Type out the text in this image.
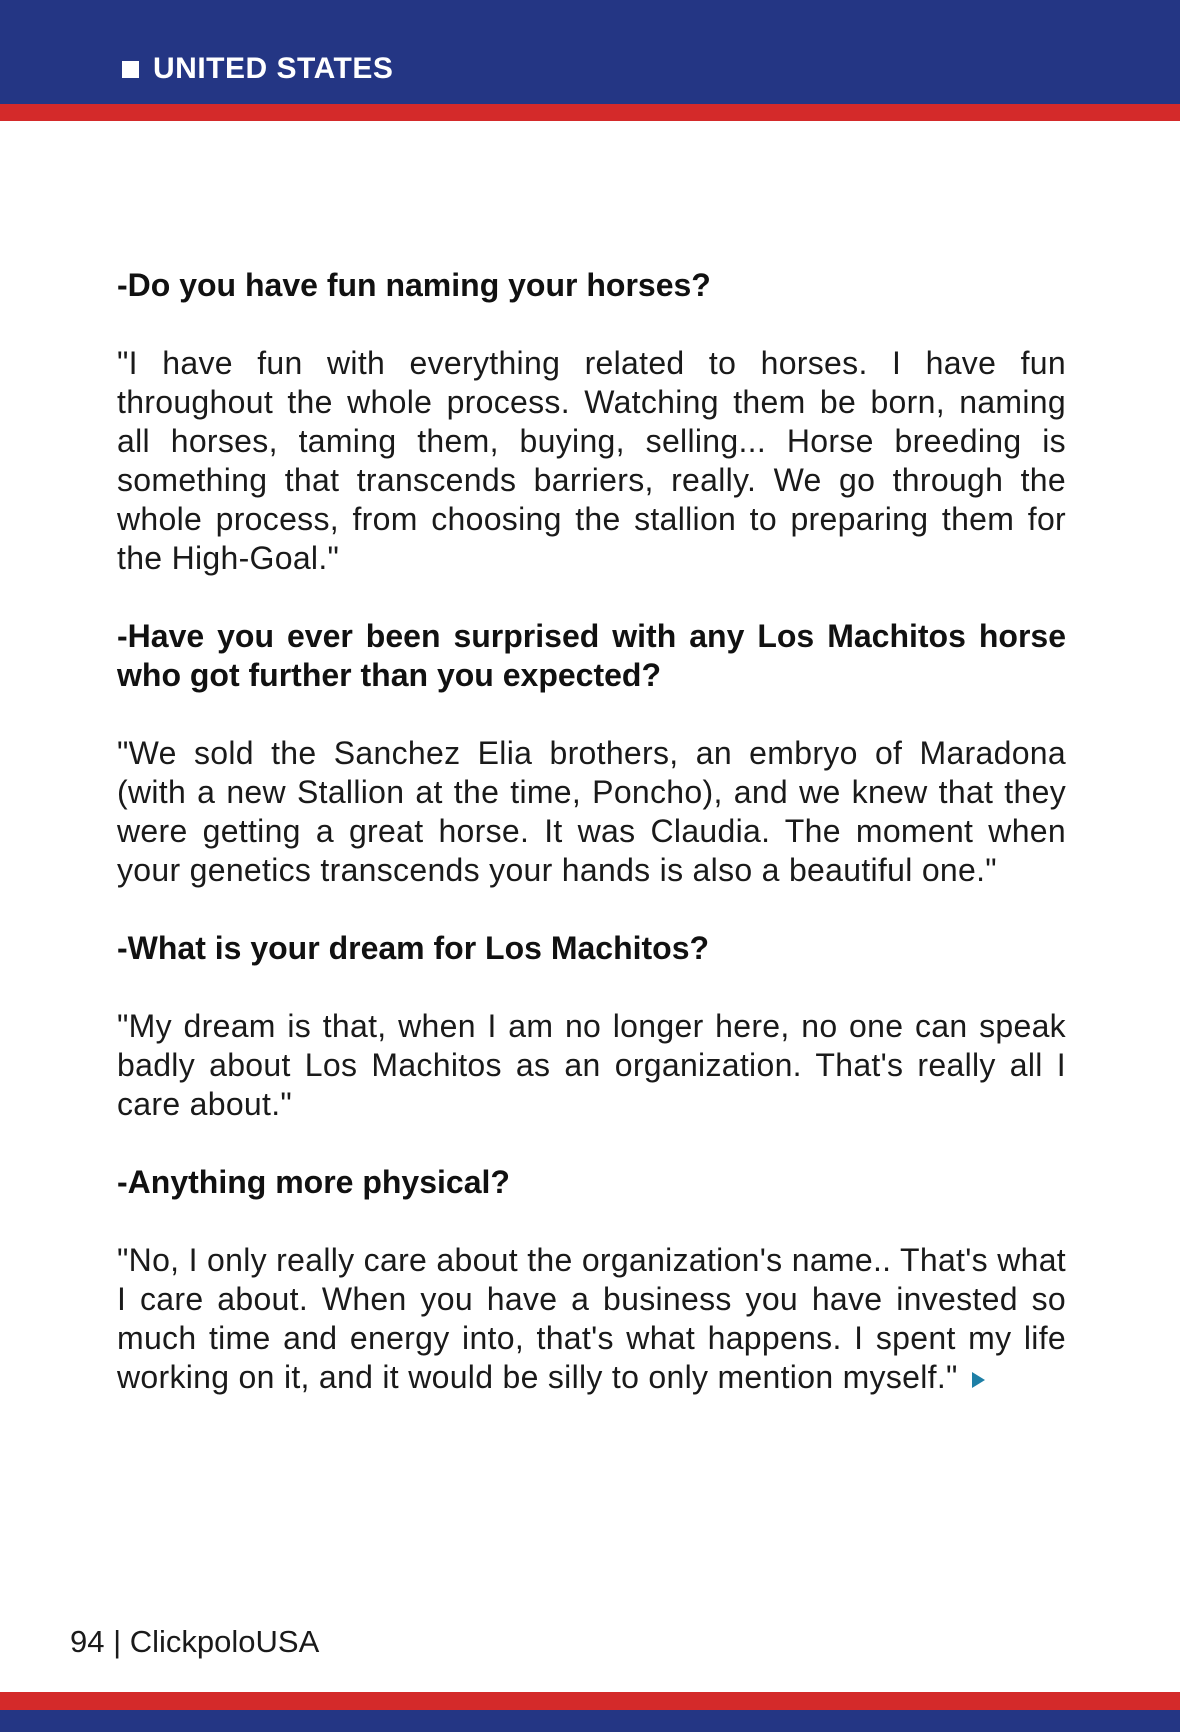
UNITED STATES

-Do you have fun naming your horses?

"I have fun with everything related to horses. I have fun throughout the whole process. Watching them be born, naming all horses, taming them, buying, selling... Horse breeding is something that transcends barriers, really. We go through the whole process, from choosing the stallion to preparing them for the High-Goal."

-Have you ever been surprised with any Los Machitos horse who got further than you expected?

"We sold the Sanchez Elia brothers, an embryo of Maradona (with a new Stallion at the time, Poncho), and we knew that they were getting a great horse. It was Claudia. The moment when your genetics transcends your hands is also a beautiful one."

-What is your dream for Los Machitos?

"My dream is that, when I am no longer here, no one can speak badly about Los Machitos as an organization. That's really all I care about."

-Anything more physical?

"No, I only really care about the organization's name.. That's what I care about. When you have a business you have invested so much time and energy into, that's what happens. I spent my life working on it, and it would be silly to only mention myself."

94 | ClickpoloUSA
